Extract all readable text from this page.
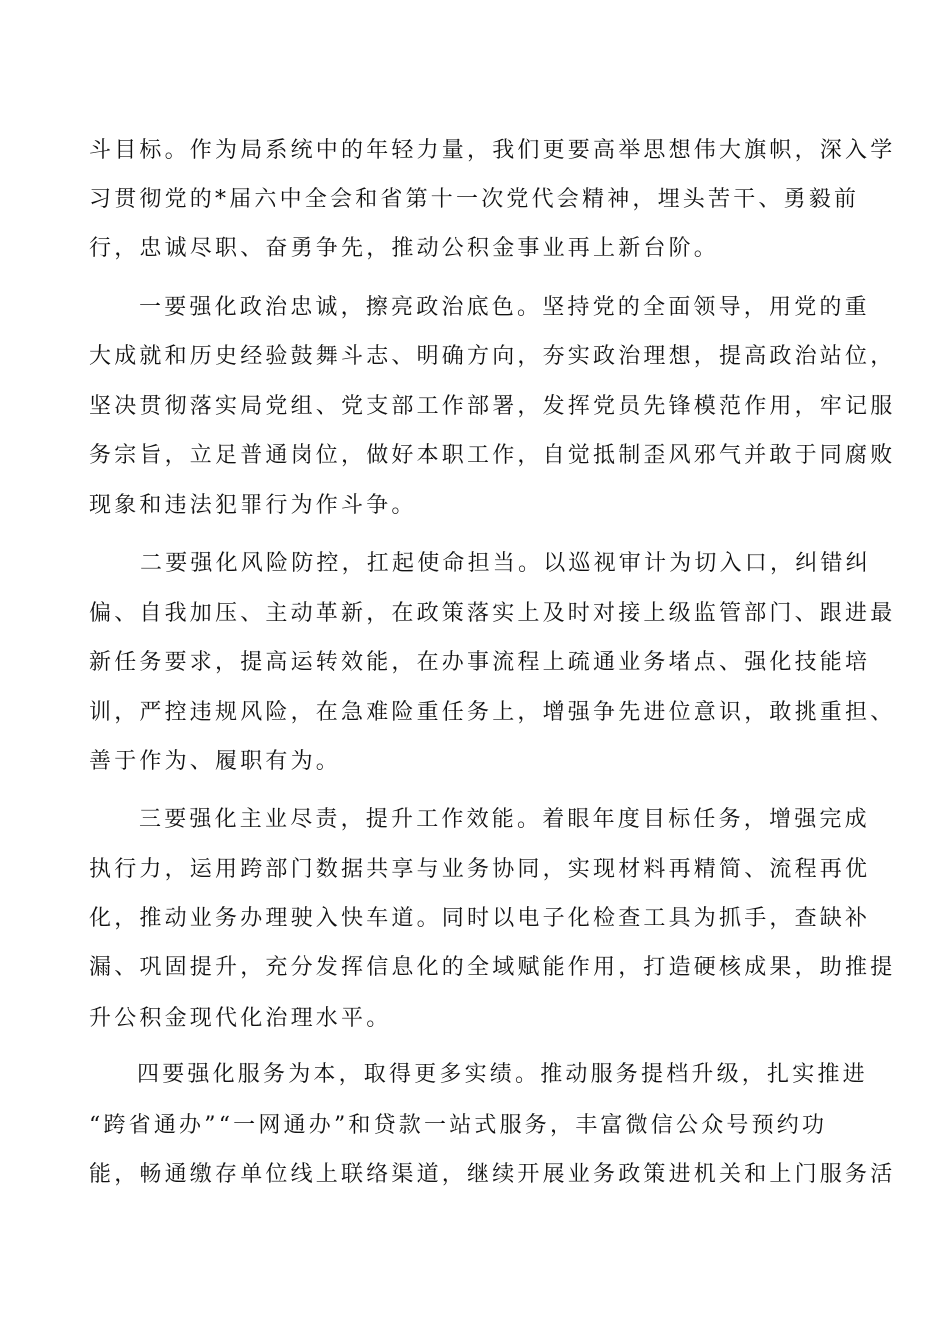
斗目标。作为局系统中的年轻力量，我们更要高举思想伟大旗帜，深入学
习贯彻党的*届六中全会和省第十一次党代会精神，埋头苦干、勇毅前
行，忠诚尽职、奋勇争先，推动公积金事业再上新台阶。
一要强化政治忠诚，擦亮政治底色。坚持党的全面领导，用党的重
大成就和历史经验鼓舞斗志、明确方向，夯实政治理想，提高政治站位，
坚决贯彻落实局党组、党支部工作部署，发挥党员先锋模范作用，牢记服
务宗旨，立足普通岗位，做好本职工作，自觉抵制歪风邪气并敢于同腐败
现象和违法犯罪行为作斗争。
二要强化风险防控，扛起使命担当。以巡视审计为切入口，纠错纠
偏、自我加压、主动革新，在政策落实上及时对接上级监管部门、跟进最
新任务要求，提高运转效能，在办事流程上疏通业务堵点、强化技能培
训，严控违规风险，在急难险重任务上，增强争先进位意识，敢挑重担、
善于作为、履职有为。
三要强化主业尽责，提升工作效能。着眼年度目标任务，增强完成
执行力，运用跨部门数据共享与业务协同，实现材料再精简、流程再优
化，推动业务办理驶入快车道。同时以电子化检查工具为抓手，查缺补
漏、巩固提升，充分发挥信息化的全域赋能作用，打造硬核成果，助推提
升公积金现代化治理水平。
四要强化服务为本，取得更多实绩。推动服务提档升级，扎实推进
“跨省通办”“一网通办”和贷款一站式服务，丰富微信公众号预约功
能，畅通缴存单位线上联络渠道，继续开展业务政策进机关和上门服务活
